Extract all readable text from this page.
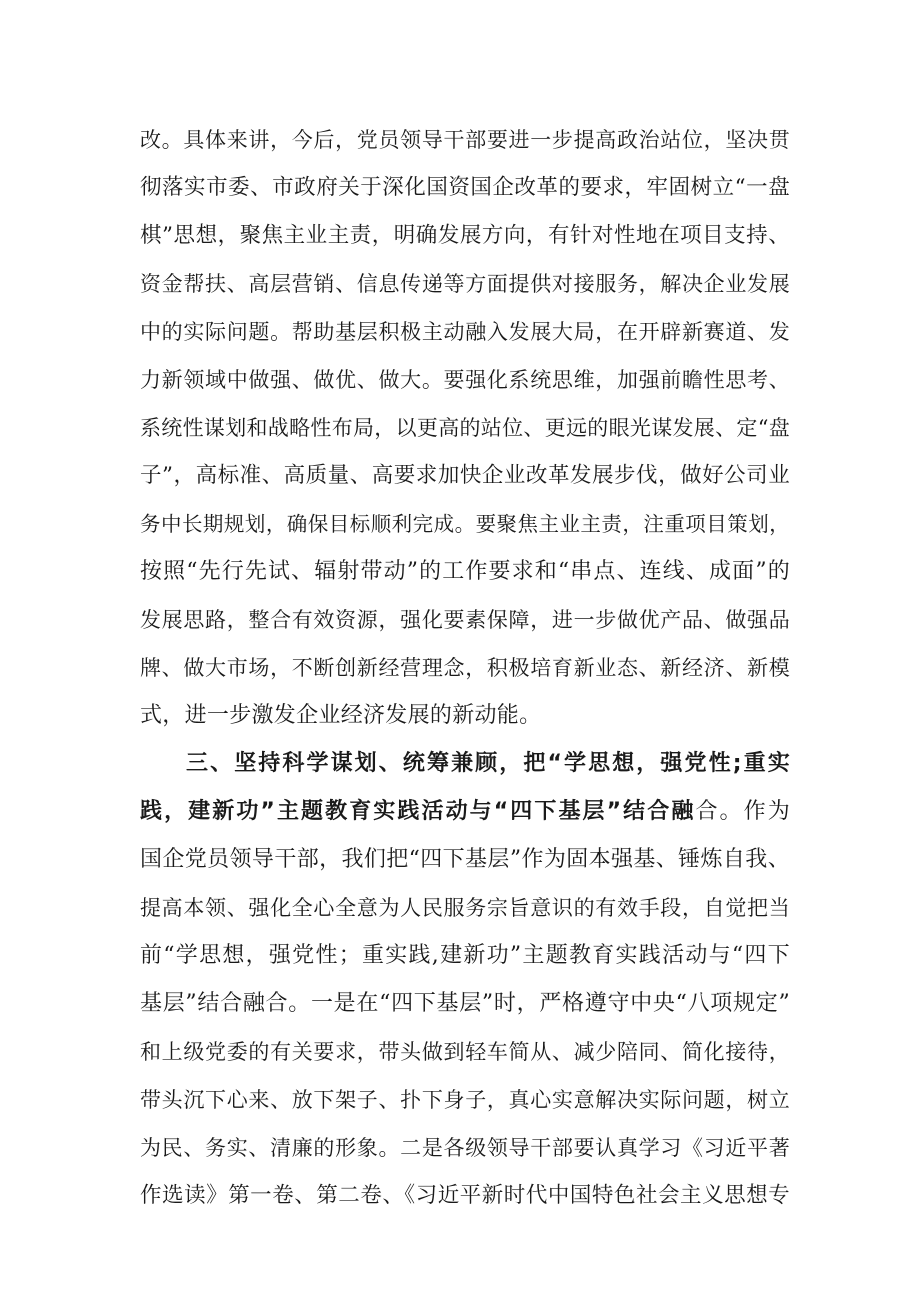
改。具体来讲，今后，党员领导干部要进一步提高政治站位，坚决贯
彻落实市委、市政府关于深化国资国企改革的要求，牢固树立“一盘
棋”思想，聚焦主业主责，明确发展方向，有针对性地在项目支持、
资金帮扶、高层营销、信息传递等方面提供对接服务，解决企业发展
中的实际问题。帮助基层积极主动融入发展大局，在开辟新赛道、发
力新领域中做强、做优、做大。要强化系统思维，加强前瞻性思考、
系统性谋划和战略性布局，以更高的站位、更远的眼光谋发展、定“盘
子”，高标准、高质量、高要求加快企业改革发展步伐，做好公司业
务中长期规划，确保目标顺利完成。要聚焦主业主责，注重项目策划，
按照“先行先试、辐射带动”的工作要求和“串点、连线、成面”的
发展思路，整合有效资源，强化要素保障，进一步做优产品、做强品
牌、做大市场，不断创新经营理念，积极培育新业态、新经济、新模
式，进一步激发企业经济发展的新动能。
三、坚持科学谋划、统筹兼顾，把“学思想，强党性;重实
践，建新功”主题教育实践活动与“四下基层”结合融合。作为
国企党员领导干部，我们把“四下基层”作为固本强基、锤炼自我、
提高本领、强化全心全意为人民服务宗旨意识的有效手段，自觉把当
前“学思想，强党性；重实践,建新功”主题教育实践活动与“四下
基层”结合融合。一是在“四下基层”时，严格遵守中央“八项规定”
和上级党委的有关要求，带头做到轻车简从、减少陪同、简化接待，
带头沉下心来、放下架子、扑下身子，真心实意解决实际问题，树立
为民、务实、清廉的形象。二是各级领导干部要认真学习《习近平著
作选读》第一卷、第二卷、《习近平新时代中国特色社会主义思想专
